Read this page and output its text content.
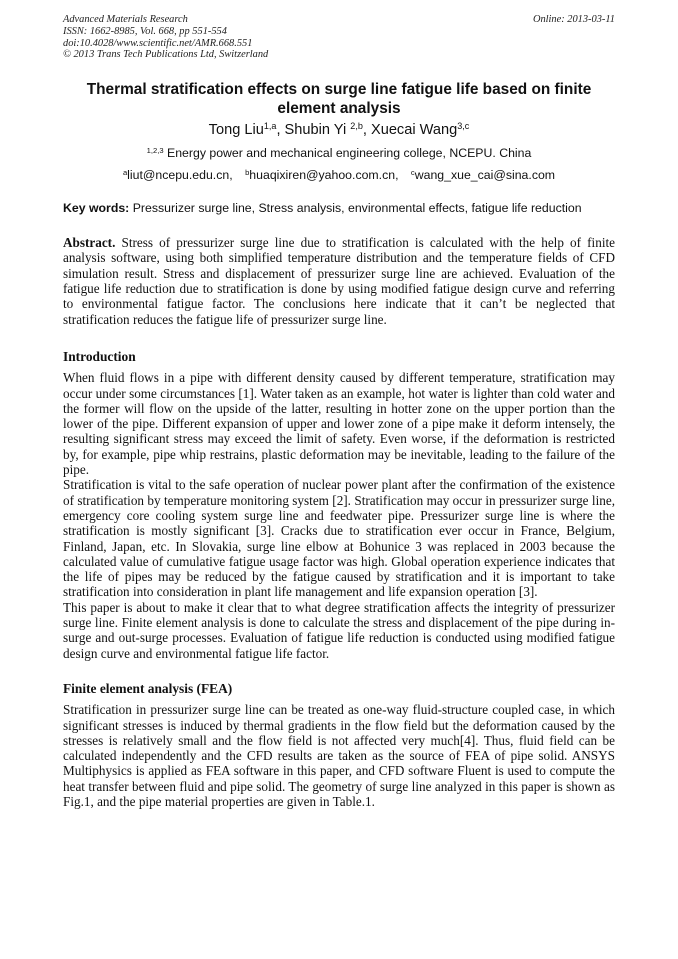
Advanced Materials Research
ISSN: 1662-8985, Vol. 668, pp 551-554
doi:10.4028/www.scientific.net/AMR.668.551
© 2013 Trans Tech Publications Ltd, Switzerland
Online: 2013-03-11
Thermal stratification effects on surge line fatigue life based on finite element analysis
Tong Liu$^{1,a}$, Shubin Yi $^{2,b}$, Xuecai Wang$^{3,c}$
$^{1,2,3}$ Energy power and mechanical engineering college, NCEPU. China
$^a$liut@ncepu.edu.cn, $^b$huaqixiren@yahoo.com.cn, $^c$wang_xue_cai@sina.com
Key words: Pressurizer surge line, Stress analysis, environmental effects, fatigue life reduction

Abstract. Stress of pressurizer surge line due to stratification is calculated with the help of finite analysis software, using both simplified temperature distribution and the temperature fields of CFD simulation result. Stress and displacement of pressurizer surge line are achieved. Evaluation of the fatigue life reduction due to stratification is done by using modified fatigue design curve and referring to environmental fatigue factor. The conclusions here indicate that it can’t be neglected that stratification reduces the fatigue life of pressurizer surge line.

Introduction

When fluid flows in a pipe with different density caused by different temperature, stratification may occur under some circumstances [1]. Water taken as an example, hot water is lighter than cold water and the former will flow on the upside of the latter, resulting in hotter zone on the upper portion than the lower of the pipe. Different expansion of upper and lower zone of a pipe make it deform intensely, the resulting significant stress may exceed the limit of safety. Even worse, if the deformation is restricted by, for example, pipe whip restrains, plastic deformation may be inevitable, leading to the failure of the pipe.

Stratification is vital to the safe operation of nuclear power plant after the confirmation of the existence of stratification by temperature monitoring system [2]. Stratification may occur in pressurizer surge line, emergency core cooling system surge line and feedwater pipe. Pressurizer surge line is where the stratification is mostly significant [3]. Cracks due to stratification ever occur in France, Belgium, Finland, Japan, etc. In Slovakia, surge line elbow at Bohunice 3 was replaced in 2003 because the calculated value of cumulative fatigue usage factor was high. Global operation experience indicates that the life of pipes may be reduced by the fatigue caused by stratification and it is important to take stratification into consideration in plant life management and life expansion operation [3].

This paper is about to make it clear that to what degree stratification affects the integrity of pressurizer surge line. Finite element analysis is done to calculate the stress and displacement of the pipe during in-surge and out-surge processes. Evaluation of fatigue life reduction is conducted using modified fatigue design curve and environmental fatigue life factor.

Finite element analysis (FEA)

Stratification in pressurizer surge line can be treated as one-way fluid-structure coupled case, in which significant stresses is induced by thermal gradients in the flow field but the deformation caused by the stresses is relatively small and the flow field is not affected very much[4]. Thus, fluid field can be calculated independently and the CFD results are taken as the source of FEA of pipe solid. ANSYS Multiphysics is applied as FEA software in this paper, and CFD software Fluent is used to compute the heat transfer between fluid and pipe solid. The geometry of surge line analyzed in this paper is shown as Fig.1, and the pipe material properties are given in Table.1.
